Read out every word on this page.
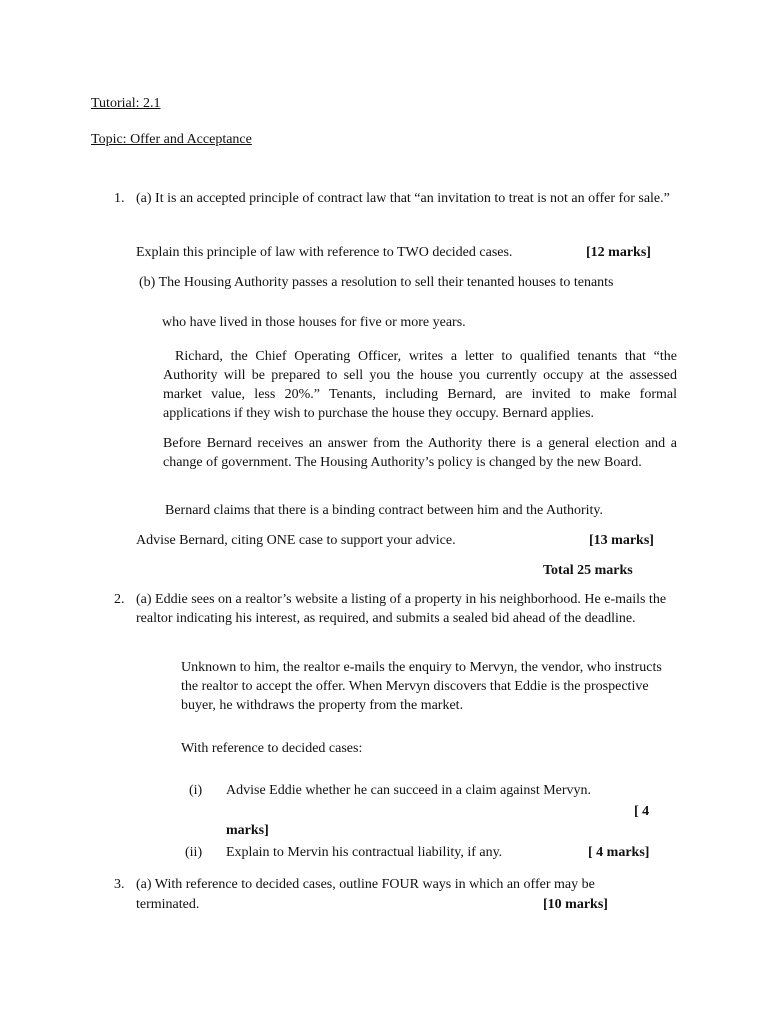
Tutorial: 2.1
Topic: Offer and Acceptance
1. (a) It is an accepted principle of contract law that “an invitation to treat is not an offer for sale.”
Explain this principle of law with reference to TWO decided cases.	[12 marks]
(b) The Housing Authority passes a resolution to sell their tenanted houses to tenants
who have lived in those houses for five or more years.
Richard, the Chief Operating Officer, writes a letter to qualified tenants that “the Authority will be prepared to sell you the house you currently occupy at the assessed market value, less 20%.” Tenants, including Bernard, are invited to make formal applications if they wish to purchase the house they occupy. Bernard applies.
Before Bernard receives an answer from the Authority there is a general election and a change of government. The Housing Authority’s policy is changed by the new Board.
Bernard claims that there is a binding contract between him and the Authority.
Advise Bernard, citing ONE case to support your advice.	[13 marks]
Total 25 marks
2. (a) Eddie sees on a realtor’s website a listing of a property in his neighborhood. He e-mails the realtor indicating his interest, as required, and submits a sealed bid ahead of the deadline.
Unknown to him, the realtor e-mails the enquiry to Mervyn, the vendor, who instructs the realtor to accept the offer. When Mervyn discovers that Eddie is the prospective buyer, he withdraws the property from the market.
With reference to decided cases:
(i) Advise Eddie whether he can succeed in a claim against Mervyn.
[ 4
marks]
(ii) Explain to Mervin his contractual liability, if any.	[ 4 marks]
3. (a) With reference to decided cases, outline FOUR ways in which an offer may be
terminated.	[10 marks]
